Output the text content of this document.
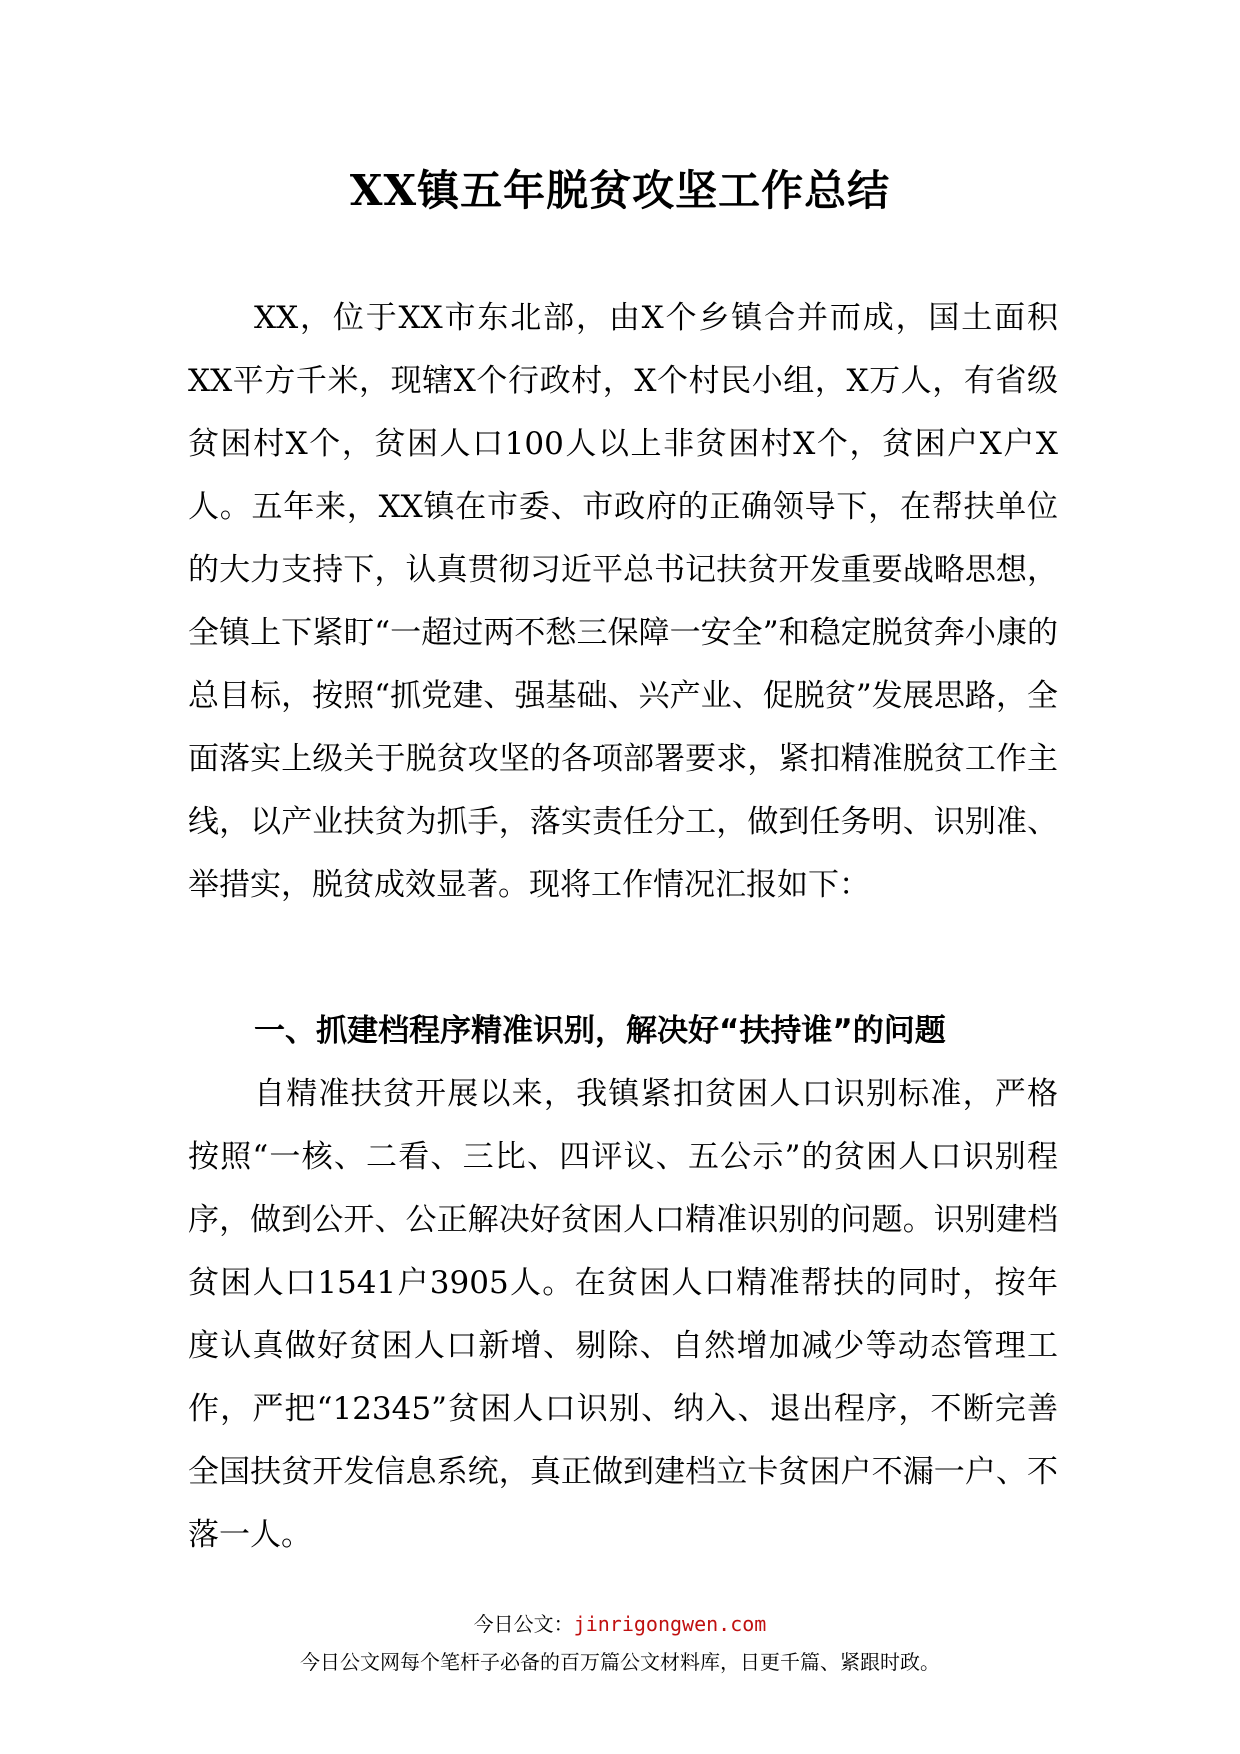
XX镇五年脱贫攻坚工作总结
XX，位于XX市东北部，由X个乡镇合并而成，国土面积XX平方千米，现辖X个行政村，X个村民小组，X万人，有省级贫困村X个，贫困人口100人以上非贫困村X个，贫困户X户X人。五年来，XX镇在市委、市政府的正确领导下，在帮扶单位的大力支持下，认真贯彻习近平总书记扶贫开发重要战略思想，全镇上下紧盯“一超过两不愁三保障一安全”和稳定脱贫奔小康的总目标，按照“抓党建、强基础、兴产业、促脱贫”发展思路，全面落实上级关于脱贫攻坚的各项部署要求，紧扣精准脱贫工作主线，以产业扶贫为抓手，落实责任分工，做到任务明、识别准、举措实，脱贫成效显著。现将工作情况汇报如下：
一、抓建档程序精准识别，解决好“扶持谁”的问题
自精准扶贫开展以来，我镇紧扣贫困人口识别标准，严格按照“一核、二看、三比、四评议、五公示”的贫困人口识别程序，做到公开、公正解决好贫困人口精准识别的问题。识别建档贫困人口1541户3905人。在贫困人口精准帮扶的同时，按年度认真做好贫困人口新增、剔除、自然增加减少等动态管理工作，严把“12345”贫困人口识别、纳入、退出程序，不断完善全国扶贫开发信息系统，真正做到建档立卡贫困户不漏一户、不落一人。
今日公文：jinrigongwen.com
今日公文网每个笔杆子必备的百万篇公文材料库，日更千篇、紧跟时政。
